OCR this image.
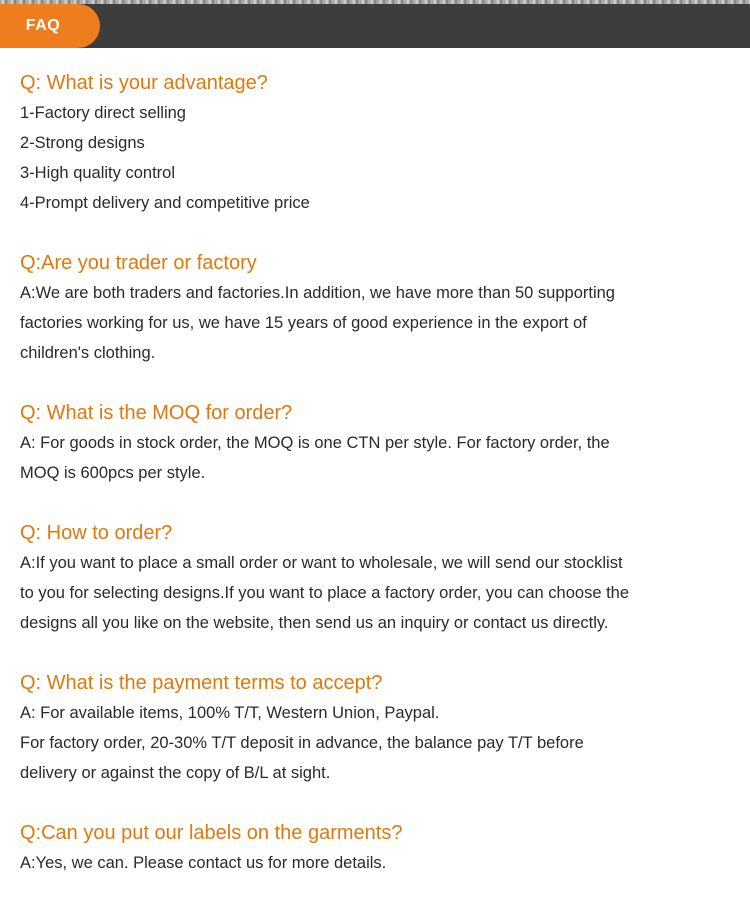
FAQ
Q: What is your advantage?
1-Factory direct selling
2-Strong designs
3-High quality control
4-Prompt delivery and competitive price
Q:Are you trader or factory
A:We are both traders and factories.In addition, we have more than 50 supporting
factories working for us, we have 15 years of good experience in the export of
children's clothing.
Q: What is the MOQ for order?
A: For goods in stock order, the MOQ is one CTN per style. For factory order, the
MOQ is 600pcs per style.
Q: How to order?
A:If you want to place a small order or want to wholesale, we will send our stocklist
to you for selecting designs.If you want to place a factory order, you can choose the
designs all you like on the website, then send us an inquiry or contact us directly.
Q: What is the payment terms to accept?
A: For available items, 100% T/T, Western Union, Paypal.
For factory order, 20-30% T/T deposit in advance, the balance pay T/T before
delivery or against the copy of B/L at sight.
Q:Can you put our labels on the garments?
A:Yes, we can. Please contact us for more details.
